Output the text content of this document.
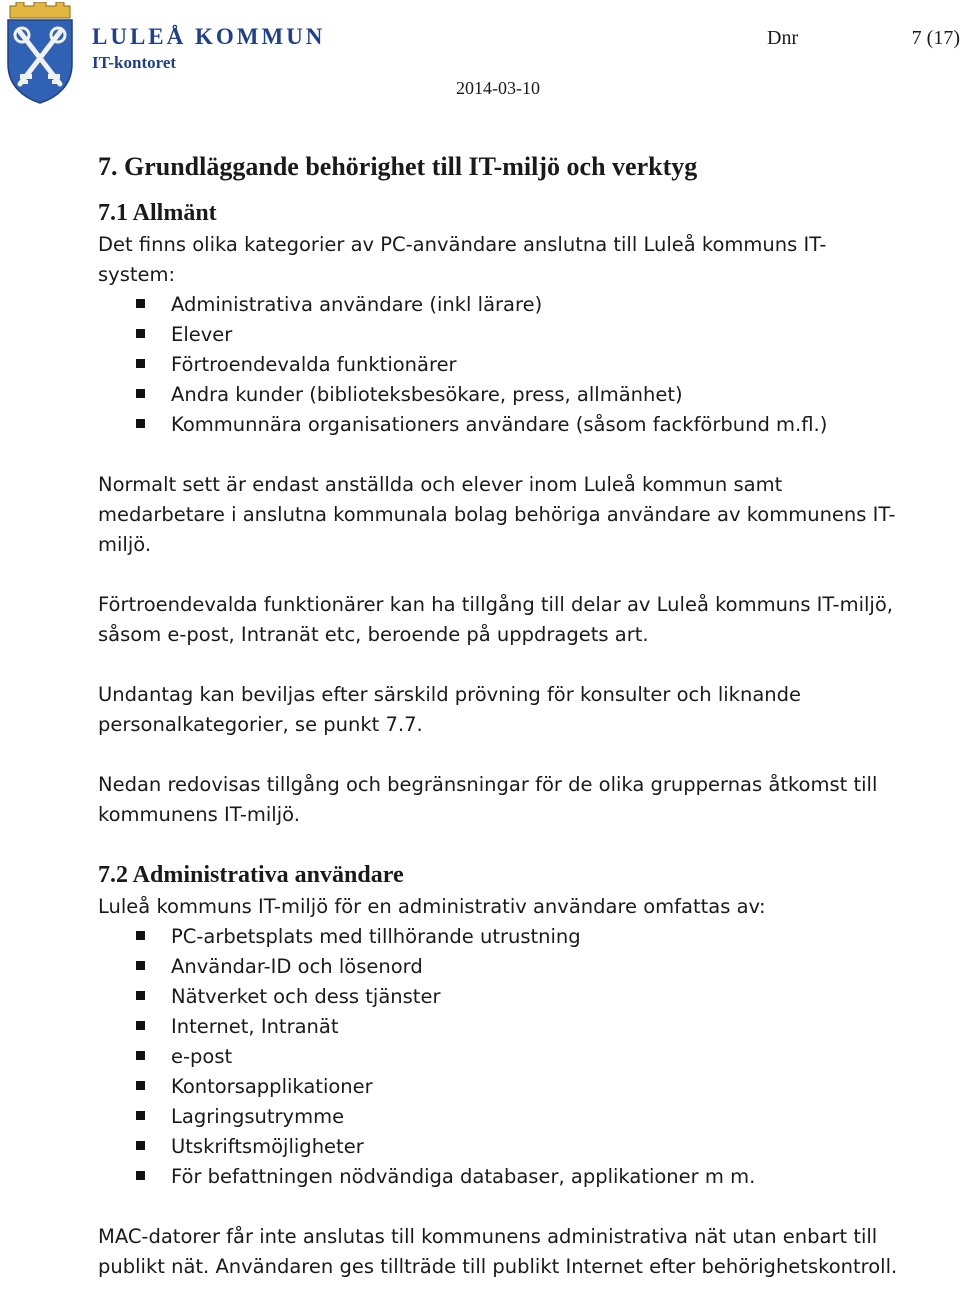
LULEÅ KOMMUN
IT-kontoret
Dnr	7 (17)
2014-03-10
7. Grundläggande behörighet till IT-miljö och verktyg
7.1 Allmänt

Det finns olika kategorier av PC-användare anslutna till Luleå kommuns IT-system:

Administrativa användare (inkl lärare)
Elever
Förtroendevalda funktionärer
Andra kunder (biblioteksbesökare, press, allmänhet)
Kommunnära organisationers användare (såsom fackförbund m.fl.)

Normalt sett är endast anställda och elever inom Luleå kommun samt medarbetare i anslutna kommunala bolag behöriga användare av kommunens IT-miljö.

Förtroendevalda funktionärer kan ha tillgång till delar av Luleå kommuns IT-miljö, såsom e-post, Intranät etc, beroende på uppdragets art.

Undantag kan beviljas efter särskild prövning för konsulter och liknande personalkategorier, se punkt 7.7.

Nedan redovisas tillgång och begränsningar för de olika gruppernas åtkomst till kommunens IT-miljö.

7.2 Administrativa användare

Luleå kommuns IT-miljö för en administrativ användare omfattas av:

PC-arbetsplats med tillhörande utrustning
Användar-ID och lösenord
Nätverket och dess tjänster
Internet, Intranät
e-post
Kontorsapplikationer
Lagringsutrymme
Utskriftsmöjligheter
För befattningen nödvändiga databaser, applikationer m m.

MAC-datorer får inte anslutas till kommunens administrativa nät utan enbart till publikt nät. Användaren ges tillträde till publikt Internet efter behörighetskontroll.
